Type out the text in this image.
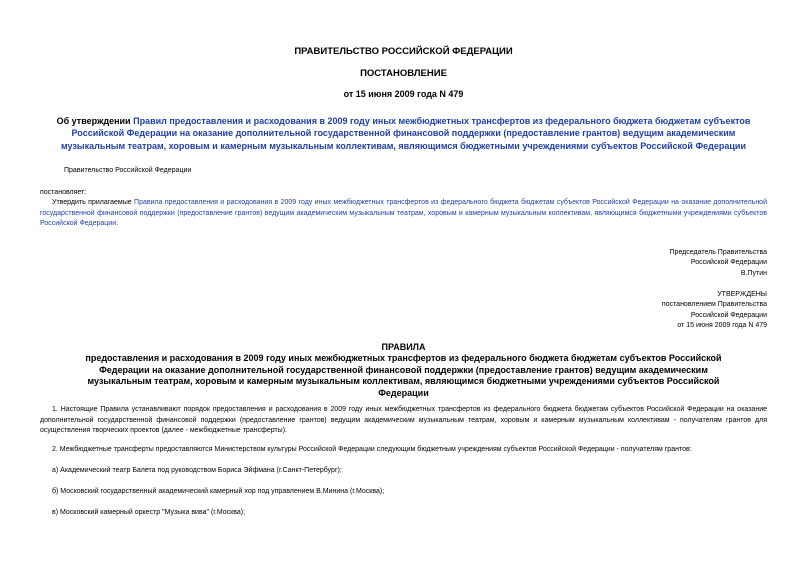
ПРАВИТЕЛЬСТВО РОССИЙСКОЙ ФЕДЕРАЦИИ
ПОСТАНОВЛЕНИЕ
от 15 июня 2009 года N 479
Об утверждении Правил предоставления и расходования в 2009 году иных межбюджетных трансфертов из федерального бюджета бюджетам субъектов Российской Федерации на оказание дополнительной государственной финансовой поддержки (предоставление грантов) ведущим академическим музыкальным театрам, хоровым и камерным музыкальным коллективам, являющимся бюджетными учреждениями субъектов Российской Федерации
Правительство Российской Федерации
постановляет:
Утвердить прилагаемые Правила предоставления и расходования в 2009 году иных межбюджетных трансфертов из федерального бюджета бюджетам субъектов Российской Федерации на оказание дополнительной государственной финансовой поддержки (предоставление грантов) ведущим академическим музыкальным театрам, хоровым и камерным музыкальным коллективам, являющимся бюджетными учреждениями субъектов Российской Федерации.
Председатель Правительства
Российской Федерации
В.Путин
УТВЕРЖДЕНЫ
постановлением Правительства
Российской Федерации
от 15 июня 2009 года N 479
ПРАВИЛА
предоставления и расходования в 2009 году иных межбюджетных трансфертов из федерального бюджета бюджетам субъектов Российской Федерации на оказание дополнительной государственной финансовой поддержки (предоставление грантов) ведущим академическим музыкальным театрам, хоровым и камерным музыкальным коллективам, являющимся бюджетными учреждениями субъектов Российской Федерации
1. Настоящие Правила устанавливают порядок предоставления и расходования в 2009 году иных межбюджетных трансфертов из федерального бюджета бюджетам субъектов Российской Федерации на оказание дополнительной государственной финансовой поддержки (предоставление грантов) ведущим академическим музыкальным театрам, хоровым и камерным музыкальным коллективам - получателям грантов для осуществления творческих проектов (далее - межбюджетные трансферты).
2. Межбюджетные трансферты предоставляются Министерством культуры Российской Федерации следующим бюджетным учреждениям субъектов Российской Федерации - получателям грантов:
а) Академический театр Балета под руководством Бориса Эйфмана (г.Санкт-Петербург);
б) Московский государственный академический камерный хор под управлением В.Минина (г.Москва);
в) Московский камерный оркестр "Музыка вива" (г.Москва);
